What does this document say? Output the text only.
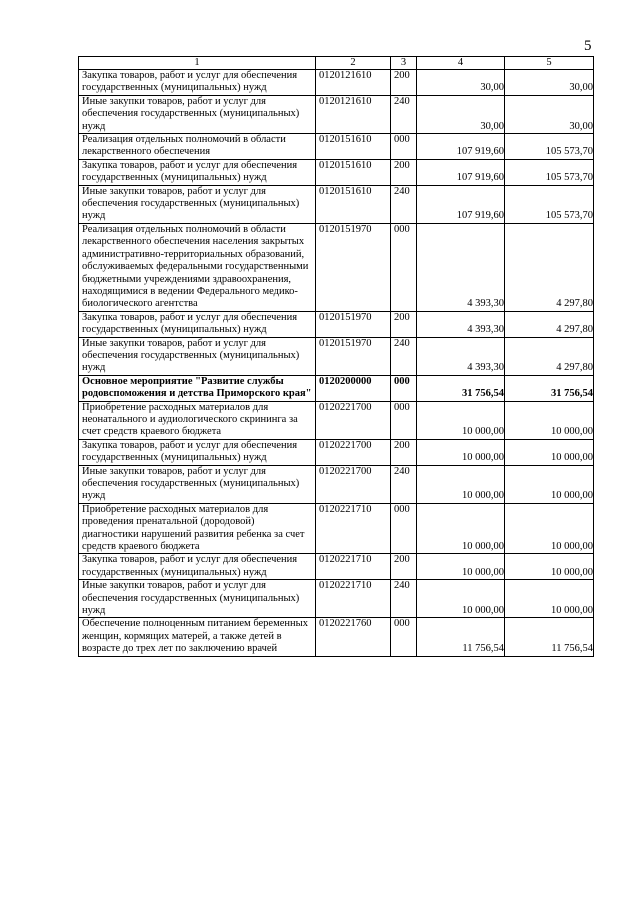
5
1	2	3	4	5
Закупка товаров, работ и услуг для обеспечения государственных (муниципальных) нужд	0120121610	200	30,00	30,00
Иные закупки товаров, работ и услуг для обеспечения государственных (муниципальных) нужд	0120121610	240	30,00	30,00
Реализация отдельных полномочий в области лекарственного обеспечения	0120151610	000	107 919,60	105 573,70
Закупка товаров, работ и услуг для обеспечения государственных (муниципальных) нужд	0120151610	200	107 919,60	105 573,70
Иные закупки товаров, работ и услуг для обеспечения государственных (муниципальных) нужд	0120151610	240	107 919,60	105 573,70
Реализация отдельных полномочий в области лекарственного обеспечения населения закрытых административно-территориальных образований, обслуживаемых федеральными государственными бюджетными учреждениями здравоохранения, находящимися в ведении Федерального медико-биологического агентства	0120151970	000	4 393,30	4 297,80
Закупка товаров, работ и услуг для обеспечения государственных (муниципальных) нужд	0120151970	200	4 393,30	4 297,80
Иные закупки товаров, работ и услуг для обеспечения государственных (муниципальных) нужд	0120151970	240	4 393,30	4 297,80
Основное мероприятие "Развитие службы родовспоможения и детства Приморского края"	0120200000	000	31 756,54	31 756,54
Приобретение расходных материалов для неонатального и аудиологического скрининга за счет средств краевого бюджета	0120221700	000	10 000,00	10 000,00
Закупка товаров, работ и услуг для обеспечения государственных (муниципальных) нужд	0120221700	200	10 000,00	10 000,00
Иные закупки товаров, работ и услуг для обеспечения государственных (муниципальных) нужд	0120221700	240	10 000,00	10 000,00
Приобретение расходных материалов для проведения пренатальной (дородовой) диагностики нарушений развития ребенка за счет средств краевого бюджета	0120221710	000	10 000,00	10 000,00
Закупка товаров, работ и услуг для обеспечения государственных (муниципальных) нужд	0120221710	200	10 000,00	10 000,00
Иные закупки товаров, работ и услуг для обеспечения государственных (муниципальных) нужд	0120221710	240	10 000,00	10 000,00
Обеспечение полноценным питанием беременных женщин, кормящих матерей, а также детей в возрасте до трех лет по заключению врачей	0120221760	000	11 756,54	11 756,54
